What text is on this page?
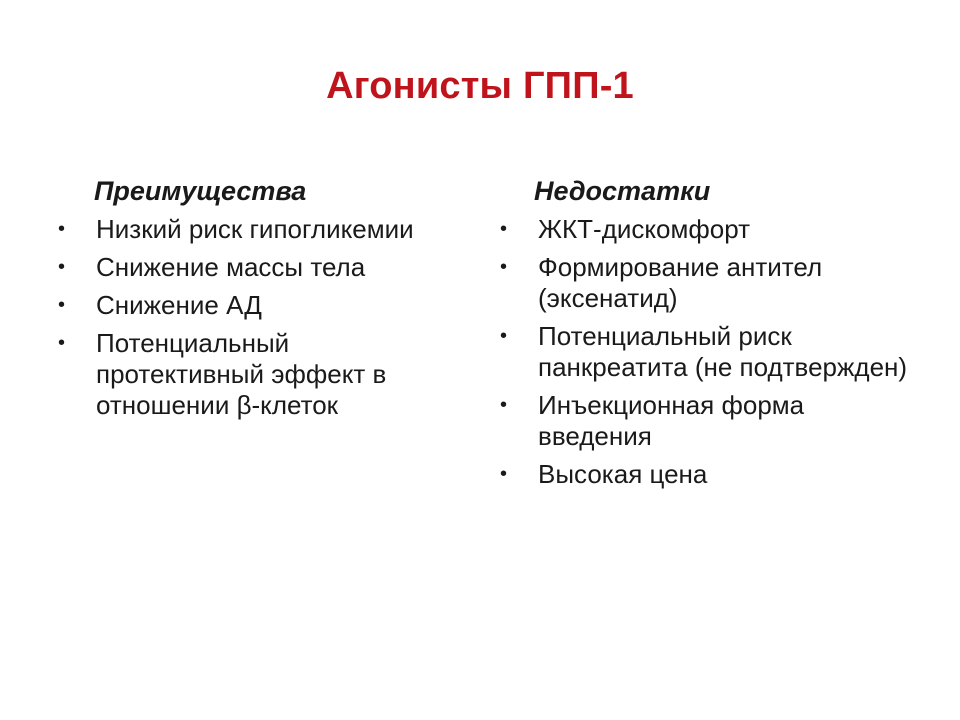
Агонисты ГПП-1
Преимущества
• Низкий риск гипогликемии
• Снижение массы тела
• Снижение АД
• Потенциальный протективный эффект в отношении β-клеток
Недостатки
• ЖКТ-дискомфорт
• Формирование антител (эксенатид)
• Потенциальный риск панкреатита (не подтвержден)
• Инъекционная форма введения
• Высокая цена
